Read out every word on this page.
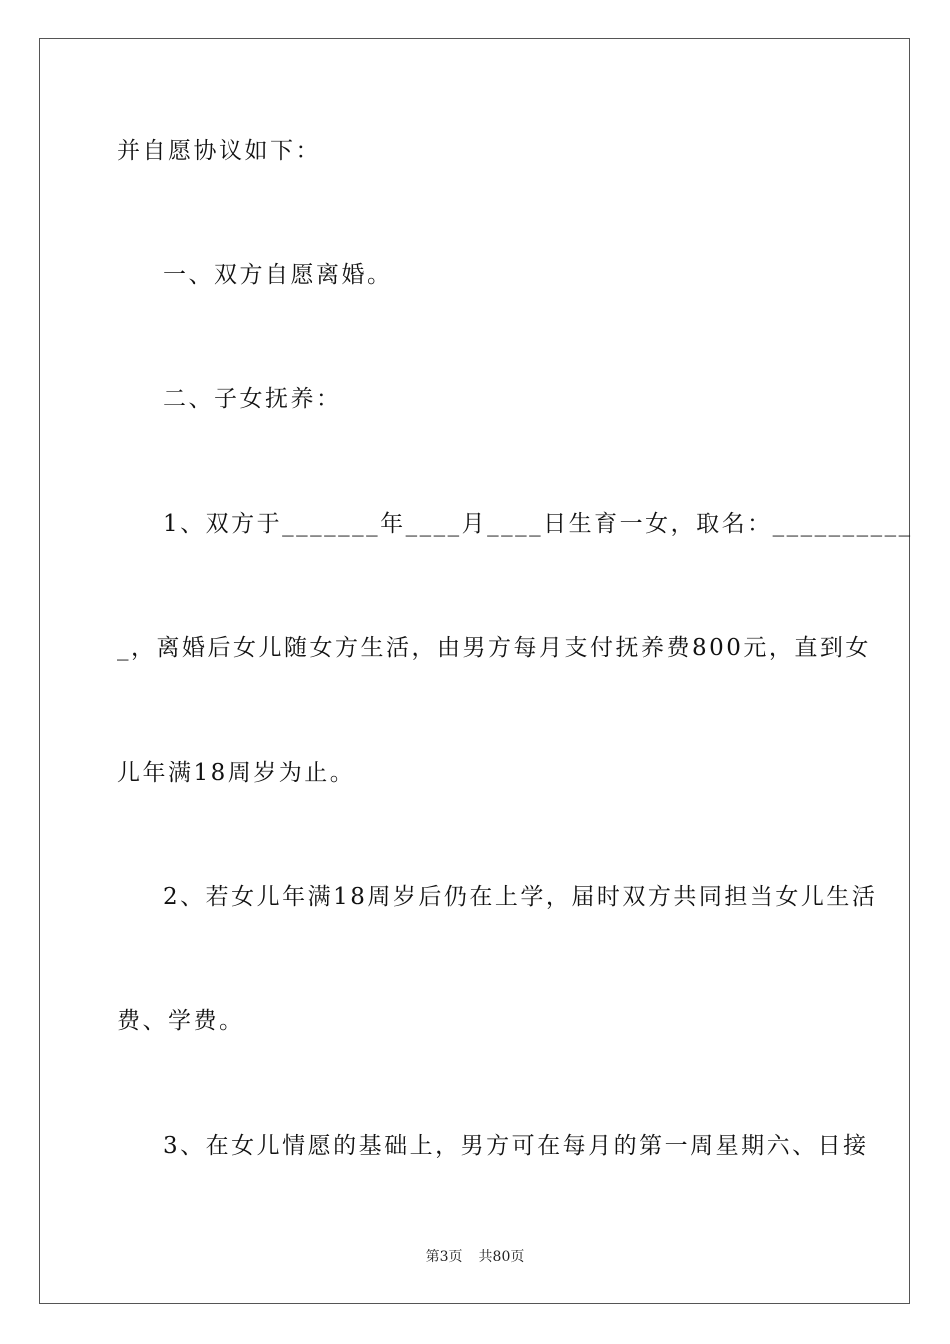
并自愿协议如下：
一、双方自愿离婚。
二、子女抚养：
1、双方于_______年____月____日生育一女，取名：__________
_，离婚后女儿随女方生活，由男方每月支付抚养费800元，直到女
儿年满18周岁为止。
2、若女儿年满18周岁后仍在上学，届时双方共同担当女儿生活
费、学费。
3、在女儿情愿的基础上，男方可在每月的第一周星期六、日接
第3页 共80页
